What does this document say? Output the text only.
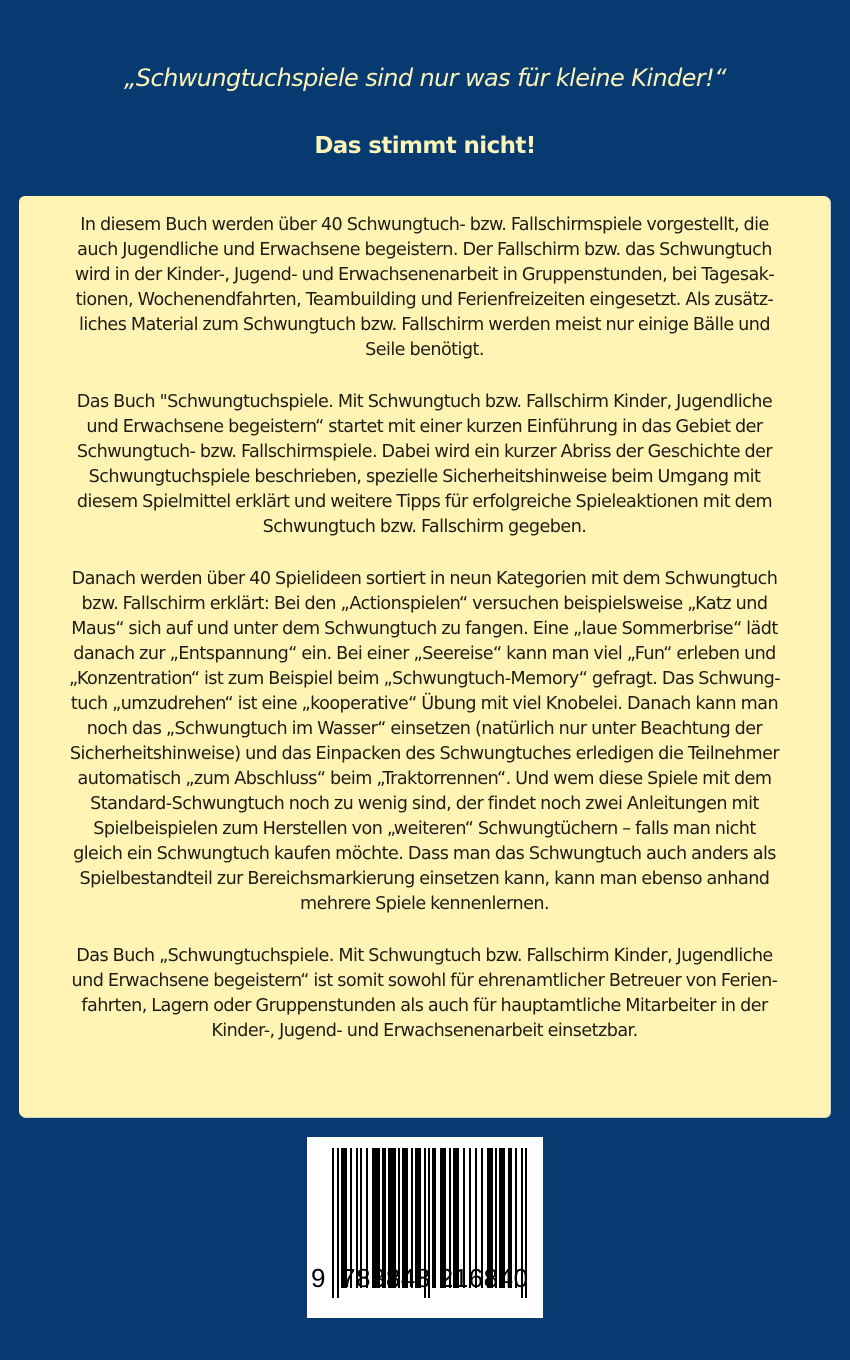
„Schwungtuchspiele sind nur was für kleine Kinder!“
Das stimmt nicht!

In diesem Buch werden über 40 Schwungtuch- bzw. Fallschirmspiele vorgestellt, die
auch Jugendliche und Erwachsene begeistern. Der Fallschirm bzw. das Schwungtuch
wird in der Kinder-, Jugend- und Erwachsenenarbeit in Gruppenstunden, bei Tagesak-
tionen, Wochenendfahrten, Teambuilding und Ferienfreizeiten eingesetzt. Als zusätz-
liches Material zum Schwungtuch bzw. Fallschirm werden meist nur einige Bälle und
Seile benötigt.

Das Buch "Schwungtuchspiele. Mit Schwungtuch bzw. Fallschirm Kinder, Jugendliche
und Erwachsene begeistern“ startet mit einer kurzen Einführung in das Gebiet der
Schwungtuch- bzw. Fallschirmspiele. Dabei wird ein kurzer Abriss der Geschichte der
Schwungtuchspiele beschrieben, spezielle Sicherheitshinweise beim Umgang mit
diesem Spielmittel erklärt und weitere Tipps für erfolgreiche Spieleaktionen mit dem
Schwungtuch bzw. Fallschirm gegeben.

Danach werden über 40 Spielideen sortiert in neun Kategorien mit dem Schwungtuch
bzw. Fallschirm erklärt: Bei den „Actionspielen“ versuchen beispielsweise „Katz und
Maus“ sich auf und unter dem Schwungtuch zu fangen. Eine „laue Sommerbrise“ lädt
danach zur „Entspannung“ ein. Bei einer „Seereise“ kann man viel „Fun“ erleben und
„Konzentration“ ist zum Beispiel beim „Schwungtuch-Memory“ gefragt. Das Schwung-
tuch „umzudrehen“ ist eine „kooperative“ Übung mit viel Knobelei. Danach kann man
noch das „Schwungtuch im Wasser“ einsetzen (natürlich nur unter Beachtung der
Sicherheitshinweise) und das Einpacken des Schwungtuches erledigen die Teilnehmer
automatisch „zum Abschluss“ beim „Traktorrennen“. Und wem diese Spiele mit dem
Standard-Schwungtuch noch zu wenig sind, der findet noch zwei Anleitungen mit
Spielbeispielen zum Herstellen von „weiteren“ Schwungtüchern – falls man nicht
gleich ein Schwungtuch kaufen möchte. Dass man das Schwungtuch auch anders als
Spielbestandteil zur Bereichsmarkierung einsetzen kann, kann man ebenso anhand
mehrere Spiele kennenlernen.

Das Buch „Schwungtuchspiele. Mit Schwungtuch bzw. Fallschirm Kinder, Jugendliche
und Erwachsene begeistern“ ist somit sowohl für ehrenamtlicher Betreuer von Ferien-
fahrten, Lagern oder Gruppenstunden als auch für hauptamtliche Mitarbeiter in der
Kinder-, Jugend- und Erwachsenenarbeit einsetzbar.

9 783848 216840
